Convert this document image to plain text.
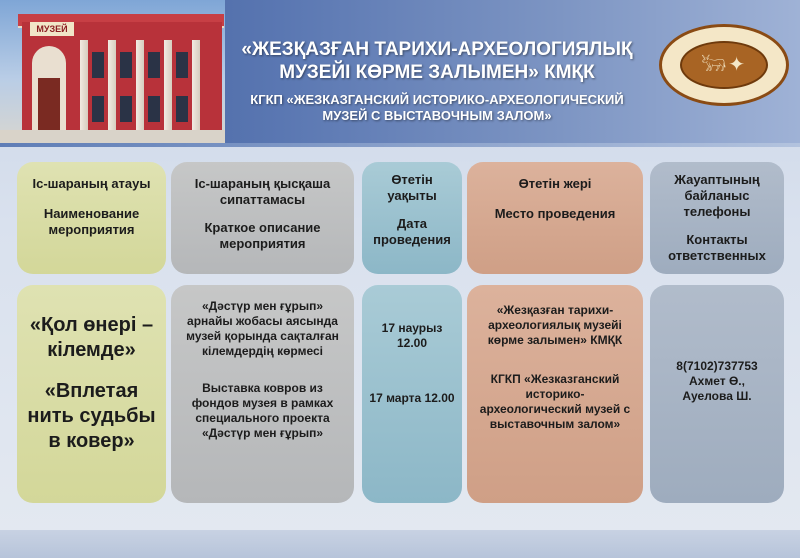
МУЗЕЙ
«ЖЕЗҚАЗҒАН ТАРИХИ-АРХЕОЛОГИЯЛЫҚ МУЗЕЙІ КӨРМЕ ЗАЛЫМЕН» КМҚК
КГКП «ЖЕЗКАЗГАНСКИЙ ИСТОРИКО-АРХЕОЛОГИЧЕСКИЙ МУЗЕЙ С ВЫСТАВОЧНЫМ ЗАЛОМ»
𓃒✦
Іс-шараның атауы
Наименование мероприятия
Іс-шараның қысқаша сипаттамасы
Краткое описание мероприятия
Өтетін уақыты
Дата проведения
Өтетін жері
Место проведения
Жауаптының байланыс телефоны
Контакты ответственных
«Қол өнері – кілемде»
«Вплетая нить судьбы в ковер»
«Дәстүр мен ғұрып» арнайы жобасы аясында музей қорында сақталған кілемдердің көрмесі
Выставка ковров из фондов музея в рамках специального проекта «Дәстүр мен ғұрып»
17 наурыз 12.00
17 марта 12.00
«Жезқазған тарихи-археологиялық музейі көрме залымен» КМҚК
КГКП «Жезказганский историко-археологический музей с выставочным залом»
8(7102)737753
Ахмет Ө.,
Ауелова Ш.
